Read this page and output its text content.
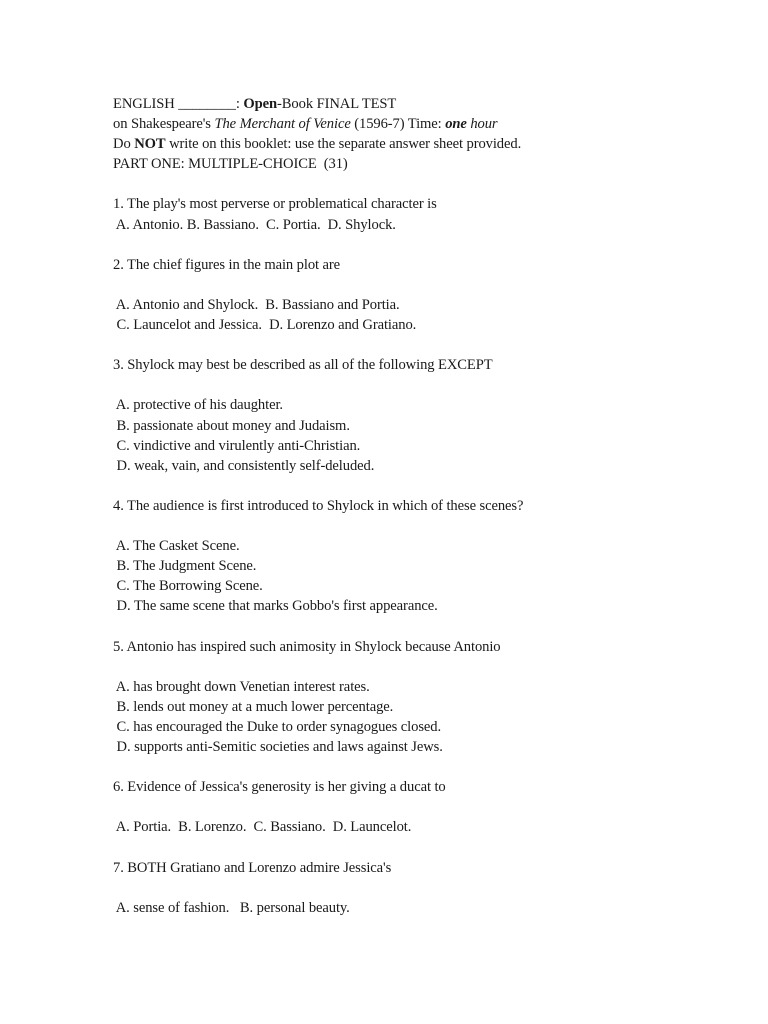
ENGLISH ________: Open-Book FINAL TEST
on Shakespeare's The Merchant of Venice (1596-7) Time: one hour
Do NOT write on this booklet: use the separate answer sheet provided.
PART ONE: MULTIPLE-CHOICE  (31)
1. The play's most perverse or problematical character is
A. Antonio. B. Bassiano.  C. Portia.  D. Shylock.
2. The chief figures in the main plot are
A. Antonio and Shylock.  B. Bassiano and Portia.
C. Launcelot and Jessica.  D. Lorenzo and Gratiano.
3. Shylock may best be described as all of the following EXCEPT
A. protective of his daughter.
B. passionate about money and Judaism.
C. vindictive and virulently anti-Christian.
D. weak, vain, and consistently self-deluded.
4. The audience is first introduced to Shylock in which of these scenes?
A. The Casket Scene.
B. The Judgment Scene.
C. The Borrowing Scene.
D. The same scene that marks Gobbo's first appearance.
5. Antonio has inspired such animosity in Shylock because Antonio
A. has brought down Venetian interest rates.
B. lends out money at a much lower percentage.
C. has encouraged the Duke to order synagogues closed.
D. supports anti-Semitic societies and laws against Jews.
6. Evidence of Jessica's generosity is her giving a ducat to
A. Portia.  B. Lorenzo.  C. Bassiano.  D. Launcelot.
7. BOTH Gratiano and Lorenzo admire Jessica's
A. sense of fashion.   B. personal beauty.
